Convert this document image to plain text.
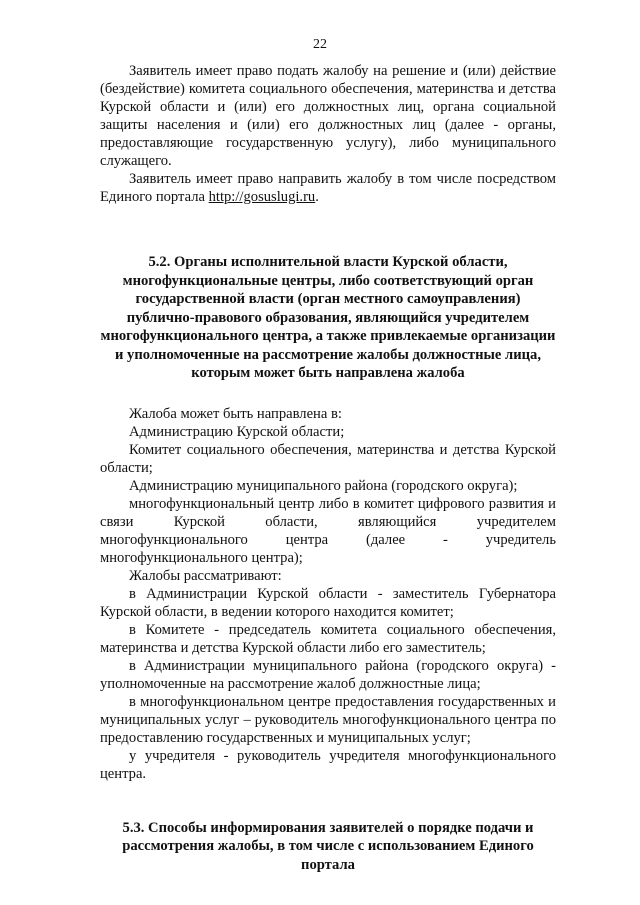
22

Заявитель имеет право подать жалобу на решение и (или) действие (бездействие) комитета социального обеспечения, материнства и детства Курской области и (или) его должностных лиц, органа социальной защиты населения и (или) его должностных лиц (далее - органы, предоставляющие государственную услугу), либо муниципального служащего.

Заявитель имеет право направить жалобу в том числе посредством Единого портала http://gosuslugi.ru.

5.2. Органы исполнительной власти Курской области, многофункциональные центры, либо соответствующий орган государственной власти (орган местного самоуправления) публично-правового образования, являющийся учредителем многофункционального центра, а также привлекаемые организации и уполномоченные на рассмотрение жалобы должностные лица, которым может быть направлена жалоба

Жалоба может быть направлена в:

Администрацию Курской области;

Комитет социального обеспечения, материнства и детства Курской области;

Администрацию муниципального района (городского округа);

многофункциональный центр либо в комитет цифрового развития и связи Курской области, являющийся учредителем многофункционального центра (далее - учредитель многофункционального центра);

Жалобы рассматривают:

в Администрации Курской области - заместитель Губернатора Курской области, в ведении которого находится комитет;

в Комитете - председатель комитета социального обеспечения, материнства и детства Курской области либо его заместитель;

в Администрации муниципального района (городского округа) - уполномоченные на рассмотрение жалоб должностные лица;

в многофункциональном центре предоставления государственных и муниципальных услуг – руководитель многофункционального центра по предоставлению государственных и муниципальных услуг;

у учредителя - руководитель учредителя многофункционального центра.

5.3. Способы информирования заявителей о порядке подачи и рассмотрения жалобы, в том числе с использованием Единого портала
